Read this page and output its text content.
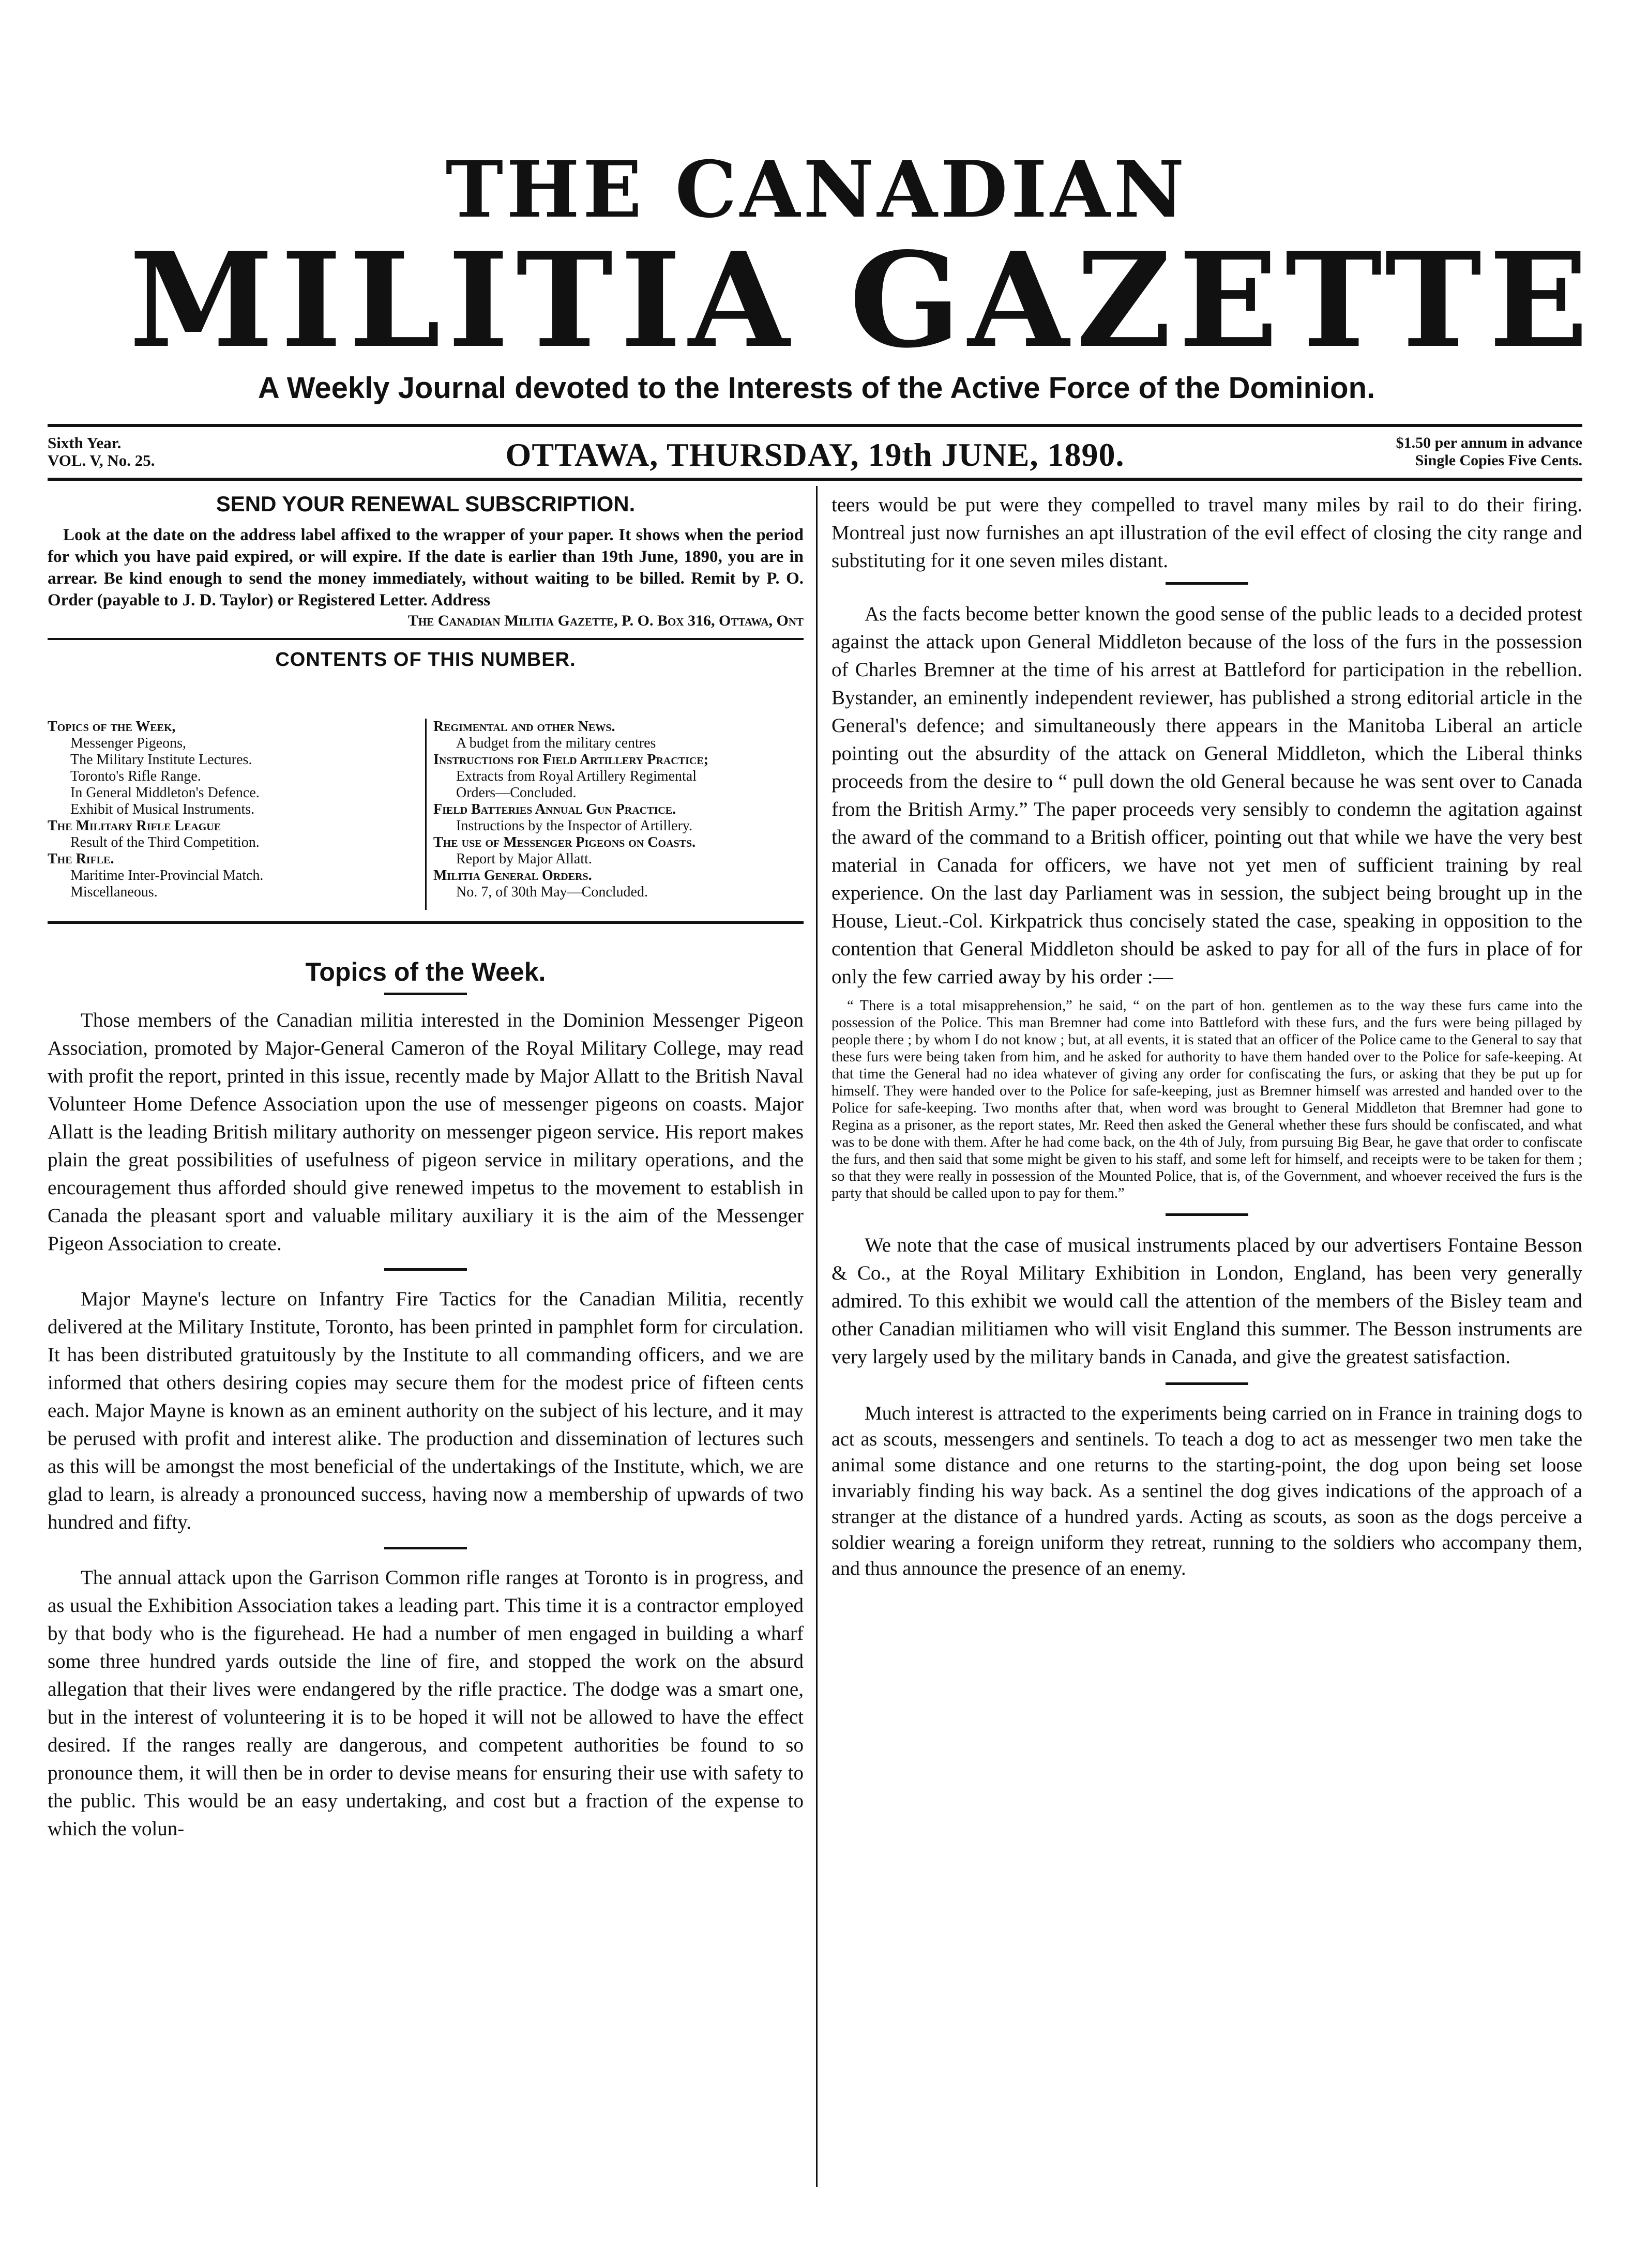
THE CANADIAN
MILITIA GAZETTE
A Weekly Journal devoted to the Interests of the Active Force of the Dominion.
Sixth Year.
VOL. V, No. 25.	OTTAWA, THURSDAY, 19th JUNE, 1890.	$1.50 per annum in advance
Single Copies Five Cents.
SEND YOUR RENEWAL SUBSCRIPTION.

Look at the date on the address label affixed to the wrapper of your paper. It shows when the period for which you have paid expired, or will expire. If the date is earlier than 19th June, 1890, you are in arrear. Be kind enough to send the money immediately, without waiting to be billed. Remit by P. O. Order (payable to J. D. Taylor) or Registered Letter. Address

The Canadian Militia Gazette, P. O. Box 316, Ottawa, Ont
CONTENTS OF THIS NUMBER.
Topics of the Week,
Messenger Pigeons,
The Military Institute Lectures.
Toronto's Rifle Range.
In General Middleton's Defence.
Exhibit of Musical Instruments.
The Military Rifle League
Result of the Third Competition.
The Rifle.
Maritime Inter-Provincial Match.
Miscellaneous.
Regimental and other News.
A budget from the military centres
Instructions for Field Artillery Practice;
Extracts from Royal Artillery Regimental
Orders—Concluded.
Field Batteries Annual Gun Practice.
Instructions by the Inspector of Artillery.
The use of Messenger Pigeons on Coasts.
Report by Major Allatt.
Militia General Orders.
No. 7, of 30th May—Concluded.
Topics of the Week.

Those members of the Canadian militia interested in the Dominion Messenger Pigeon Association, promoted by Major-General Cameron of the Royal Military College, may read with profit the report, printed in this issue, recently made by Major Allatt to the British Naval Volunteer Home Defence Association upon the use of messenger pigeons on coasts. Major Allatt is the leading British military authority on messenger pigeon service. His report makes plain the great possibilities of usefulness of pigeon service in military operations, and the encouragement thus afforded should give renewed impetus to the movement to establish in Canada the pleasant sport and valuable military auxiliary it is the aim of the Messenger Pigeon Association to create.

Major Mayne's lecture on Infantry Fire Tactics for the Canadian Militia, recently delivered at the Military Institute, Toronto, has been printed in pamphlet form for circulation. It has been distributed gratuitously by the Institute to all commanding officers, and we are informed that others desiring copies may secure them for the modest price of fifteen cents each. Major Mayne is known as an eminent authority on the subject of his lecture, and it may be perused with profit and interest alike. The production and dissemination of lectures such as this will be amongst the most beneficial of the undertakings of the Institute, which, we are glad to learn, is already a pronounced success, having now a membership of upwards of two hundred and fifty.

The annual attack upon the Garrison Common rifle ranges at Toronto is in progress, and as usual the Exhibition Association takes a leading part. This time it is a contractor employed by that body who is the figurehead. He had a number of men engaged in building a wharf some three hundred yards outside the line of fire, and stopped the work on the absurd allegation that their lives were endangered by the rifle practice. The dodge was a smart one, but in the interest of volunteering it is to be hoped it will not be allowed to have the effect desired. If the ranges really are dangerous, and competent authorities be found to so pronounce them, it will then be in order to devise means for ensuring their use with safety to the public. This would be an easy undertaking, and cost but a fraction of the expense to which the volun-

teers would be put were they compelled to travel many miles by rail to do their firing. Montreal just now furnishes an apt illustration of the evil effect of closing the city range and substituting for it one seven miles distant.

As the facts become better known the good sense of the public leads to a decided protest against the attack upon General Middleton because of the loss of the furs in the possession of Charles Bremner at the time of his arrest at Battleford for participation in the rebellion. Bystander, an eminently independent reviewer, has published a strong editorial article in the General's defence; and simultaneously there appears in the Manitoba Liberal an article pointing out the absurdity of the attack on General Middleton, which the Liberal thinks proceeds from the desire to “ pull down the old General because he was sent over to Canada from the British Army.” The paper proceeds very sensibly to condemn the agitation against the award of the command to a British officer, pointing out that while we have the very best material in Canada for officers, we have not yet men of sufficient training by real experience. On the last day Parliament was in session, the subject being brought up in the House, Lieut.-Col. Kirkpatrick thus concisely stated the case, speaking in opposition to the contention that General Middleton should be asked to pay for all of the furs in place of for only the few carried away by his order :—

“ There is a total misapprehension,” he said, “ on the part of hon. gentlemen as to the way these furs came into the possession of the Police. This man Bremner had come into Battleford with these furs, and the furs were being pillaged by people there ; by whom I do not know ; but, at all events, it is stated that an officer of the Police came to the General to say that these furs were being taken from him, and he asked for authority to have them handed over to the Police for safe-keeping. At that time the General had no idea whatever of giving any order for confiscating the furs, or asking that they be put up for himself. They were handed over to the Police for safe-keeping, just as Bremner himself was arrested and handed over to the Police for safe-keeping. Two months after that, when word was brought to General Middleton that Bremner had gone to Regina as a prisoner, as the report states, Mr. Reed then asked the General whether these furs should be confiscated, and what was to be done with them. After he had come back, on the 4th of July, from pursuing Big Bear, he gave that order to confiscate the furs, and then said that some might be given to his staff, and some left for himself, and receipts were to be taken for them ; so that they were really in possession of the Mounted Police, that is, of the Government, and whoever received the furs is the party that should be called upon to pay for them.”

We note that the case of musical instruments placed by our advertisers Fontaine Besson & Co., at the Royal Military Exhibition in London, England, has been very generally admired. To this exhibit we would call the attention of the members of the Bisley team and other Canadian militiamen who will visit England this summer. The Besson instruments are very largely used by the military bands in Canada, and give the greatest satisfaction.

Much interest is attracted to the experiments being carried on in France in training dogs to act as scouts, messengers and sentinels. To teach a dog to act as messenger two men take the animal some distance and one returns to the starting-point, the dog upon being set loose invariably finding his way back. As a sentinel the dog gives indications of the approach of a stranger at the distance of a hundred yards. Acting as scouts, as soon as the dogs perceive a soldier wearing a foreign uniform they retreat, running to the soldiers who accompany them, and thus announce the presence of an enemy.
